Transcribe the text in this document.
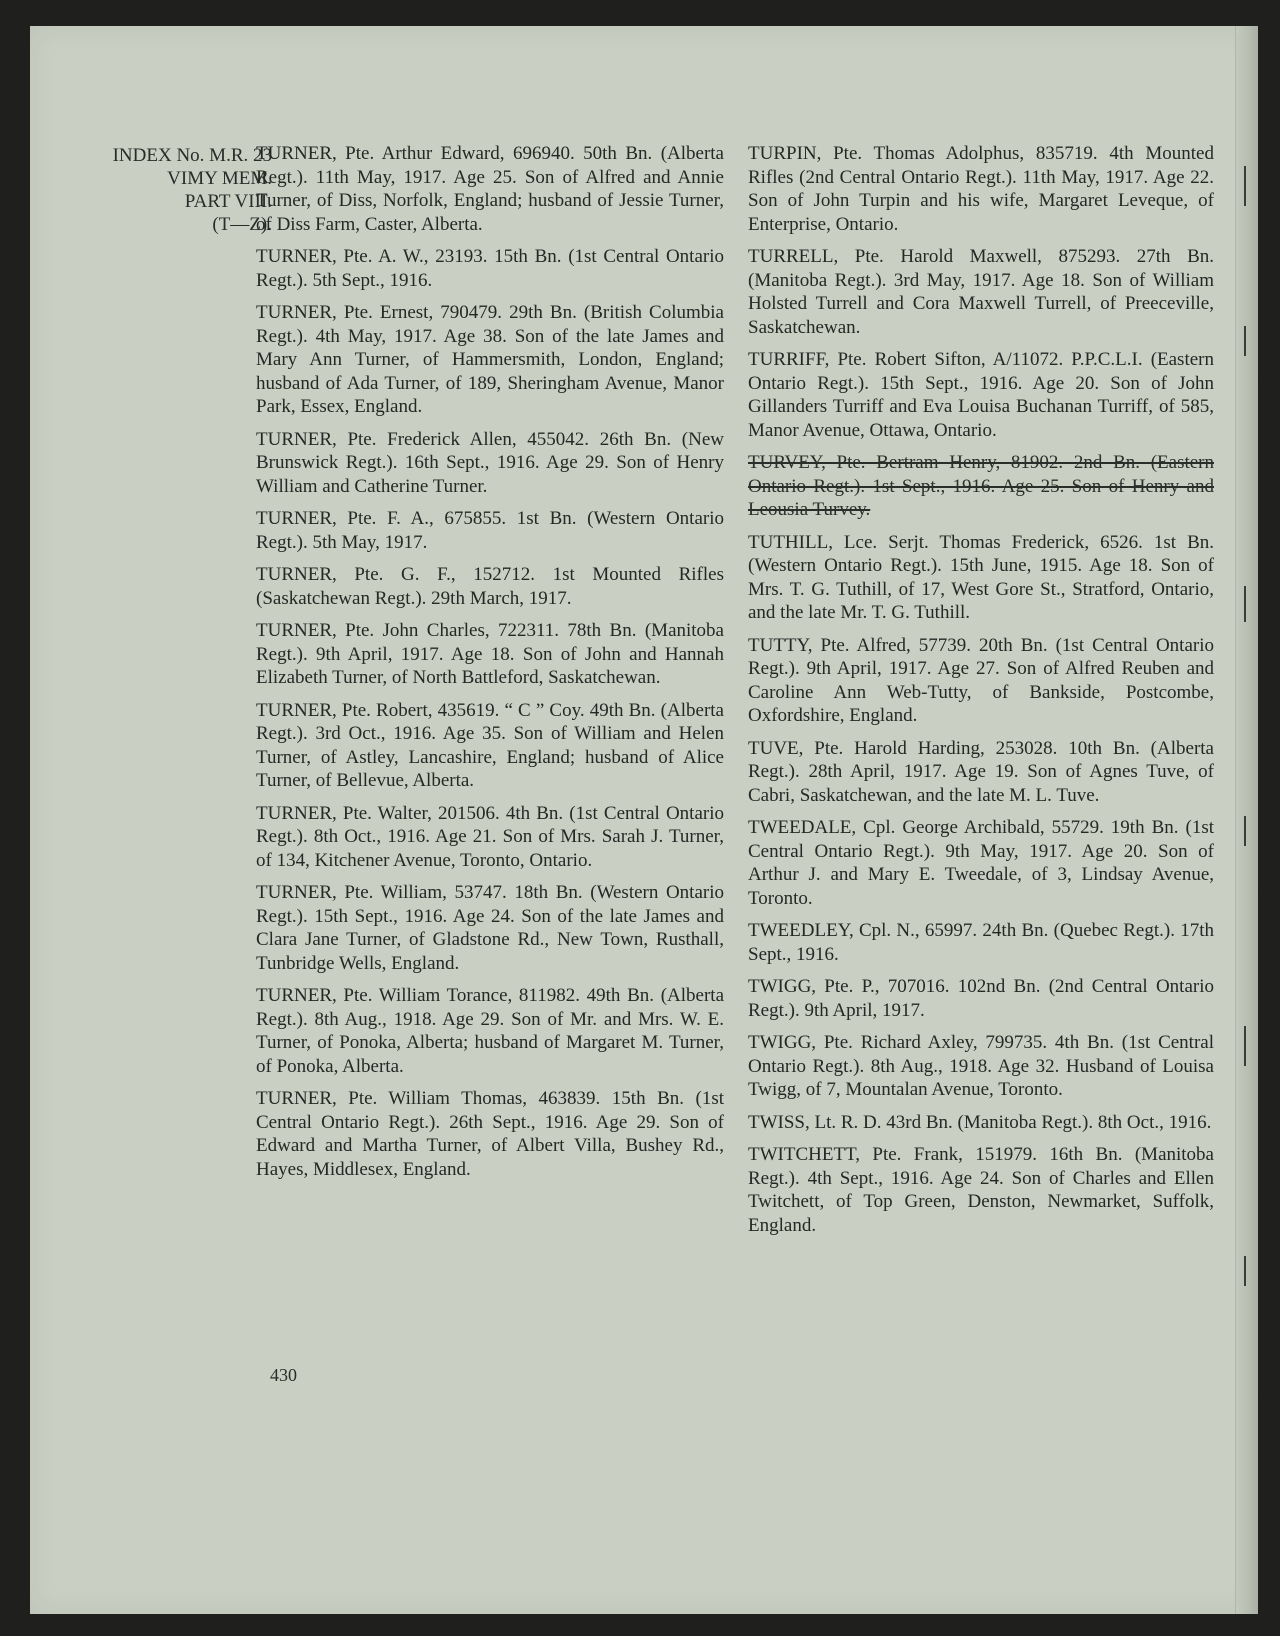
INDEX No. M.R. 23
VIMY MEM.
PART VIII.
(T—Z).

TURNER, Pte. Arthur Edward, 696940. 50th Bn. (Alberta Regt.). 11th May, 1917. Age 25. Son of Alfred and Annie Turner, of Diss, Norfolk, England; husband of Jessie Turner, of Diss Farm, Caster, Alberta.

TURNER, Pte. A. W., 23193. 15th Bn. (1st Central Ontario Regt.). 5th Sept., 1916.

TURNER, Pte. Ernest, 790479. 29th Bn. (British Columbia Regt.). 4th May, 1917. Age 38. Son of the late James and Mary Ann Turner, of Hammersmith, London, England; husband of Ada Turner, of 189, Sheringham Avenue, Manor Park, Essex, England.

TURNER, Pte. Frederick Allen, 455042. 26th Bn. (New Brunswick Regt.). 16th Sept., 1916. Age 29. Son of Henry William and Catherine Turner.

TURNER, Pte. F. A., 675855. 1st Bn. (Western Ontario Regt.). 5th May, 1917.

TURNER, Pte. G. F., 152712. 1st Mounted Rifles (Saskatchewan Regt.). 29th March, 1917.

TURNER, Pte. John Charles, 722311. 78th Bn. (Manitoba Regt.). 9th April, 1917. Age 18. Son of John and Hannah Elizabeth Turner, of North Battleford, Saskatchewan.

TURNER, Pte. Robert, 435619. “ C ” Coy. 49th Bn. (Alberta Regt.). 3rd Oct., 1916. Age 35. Son of William and Helen Turner, of Astley, Lancashire, England; husband of Alice Turner, of Bellevue, Alberta.

TURNER, Pte. Walter, 201506. 4th Bn. (1st Central Ontario Regt.). 8th Oct., 1916. Age 21. Son of Mrs. Sarah J. Turner, of 134, Kitchener Avenue, Toronto, Ontario.

TURNER, Pte. William, 53747. 18th Bn. (Western Ontario Regt.). 15th Sept., 1916. Age 24. Son of the late James and Clara Jane Turner, of Gladstone Rd., New Town, Rusthall, Tunbridge Wells, England.

TURNER, Pte. William Torance, 811982. 49th Bn. (Alberta Regt.). 8th Aug., 1918. Age 29. Son of Mr. and Mrs. W. E. Turner, of Ponoka, Alberta; husband of Margaret M. Turner, of Ponoka, Alberta.

TURNER, Pte. William Thomas, 463839. 15th Bn. (1st Central Ontario Regt.). 26th Sept., 1916. Age 29. Son of Edward and Martha Turner, of Albert Villa, Bushey Rd., Hayes, Middlesex, England.

TURPIN, Pte. Thomas Adolphus, 835719. 4th Mounted Rifles (2nd Central Ontario Regt.). 11th May, 1917. Age 22. Son of John Turpin and his wife, Margaret Leveque, of Enterprise, Ontario.

TURRELL, Pte. Harold Maxwell, 875293. 27th Bn. (Manitoba Regt.). 3rd May, 1917. Age 18. Son of William Holsted Turrell and Cora Maxwell Turrell, of Preeceville, Saskatchewan.

TURRIFF, Pte. Robert Sifton, A/11072. P.P.C.L.I. (Eastern Ontario Regt.). 15th Sept., 1916. Age 20. Son of John Gillanders Turriff and Eva Louisa Buchanan Turriff, of 585, Manor Avenue, Ottawa, Ontario.

TURVEY, Pte. Bertram Henry, 81902. 2nd Bn. (Eastern Ontario Regt.). 1st Sept., 1916. Age 25. Son of Henry and Leousia Turvey.

TUTHILL, Lce. Serjt. Thomas Frederick, 6526. 1st Bn. (Western Ontario Regt.). 15th June, 1915. Age 18. Son of Mrs. T. G. Tuthill, of 17, West Gore St., Stratford, Ontario, and the late Mr. T. G. Tuthill.

TUTTY, Pte. Alfred, 57739. 20th Bn. (1st Central Ontario Regt.). 9th April, 1917. Age 27. Son of Alfred Reuben and Caroline Ann Web-Tutty, of Bankside, Postcombe, Oxfordshire, England.

TUVE, Pte. Harold Harding, 253028. 10th Bn. (Alberta Regt.). 28th April, 1917. Age 19. Son of Agnes Tuve, of Cabri, Saskatchewan, and the late M. L. Tuve.

TWEEDALE, Cpl. George Archibald, 55729. 19th Bn. (1st Central Ontario Regt.). 9th May, 1917. Age 20. Son of Arthur J. and Mary E. Tweedale, of 3, Lindsay Avenue, Toronto.

TWEEDLEY, Cpl. N., 65997. 24th Bn. (Quebec Regt.). 17th Sept., 1916.

TWIGG, Pte. P., 707016. 102nd Bn. (2nd Central Ontario Regt.). 9th April, 1917.

TWIGG, Pte. Richard Axley, 799735. 4th Bn. (1st Central Ontario Regt.). 8th Aug., 1918. Age 32. Husband of Louisa Twigg, of 7, Mountalan Avenue, Toronto.

TWISS, Lt. R. D. 43rd Bn. (Manitoba Regt.). 8th Oct., 1916.

TWITCHETT, Pte. Frank, 151979. 16th Bn. (Manitoba Regt.). 4th Sept., 1916. Age 24. Son of Charles and Ellen Twitchett, of Top Green, Denston, Newmarket, Suffolk, England.

430
